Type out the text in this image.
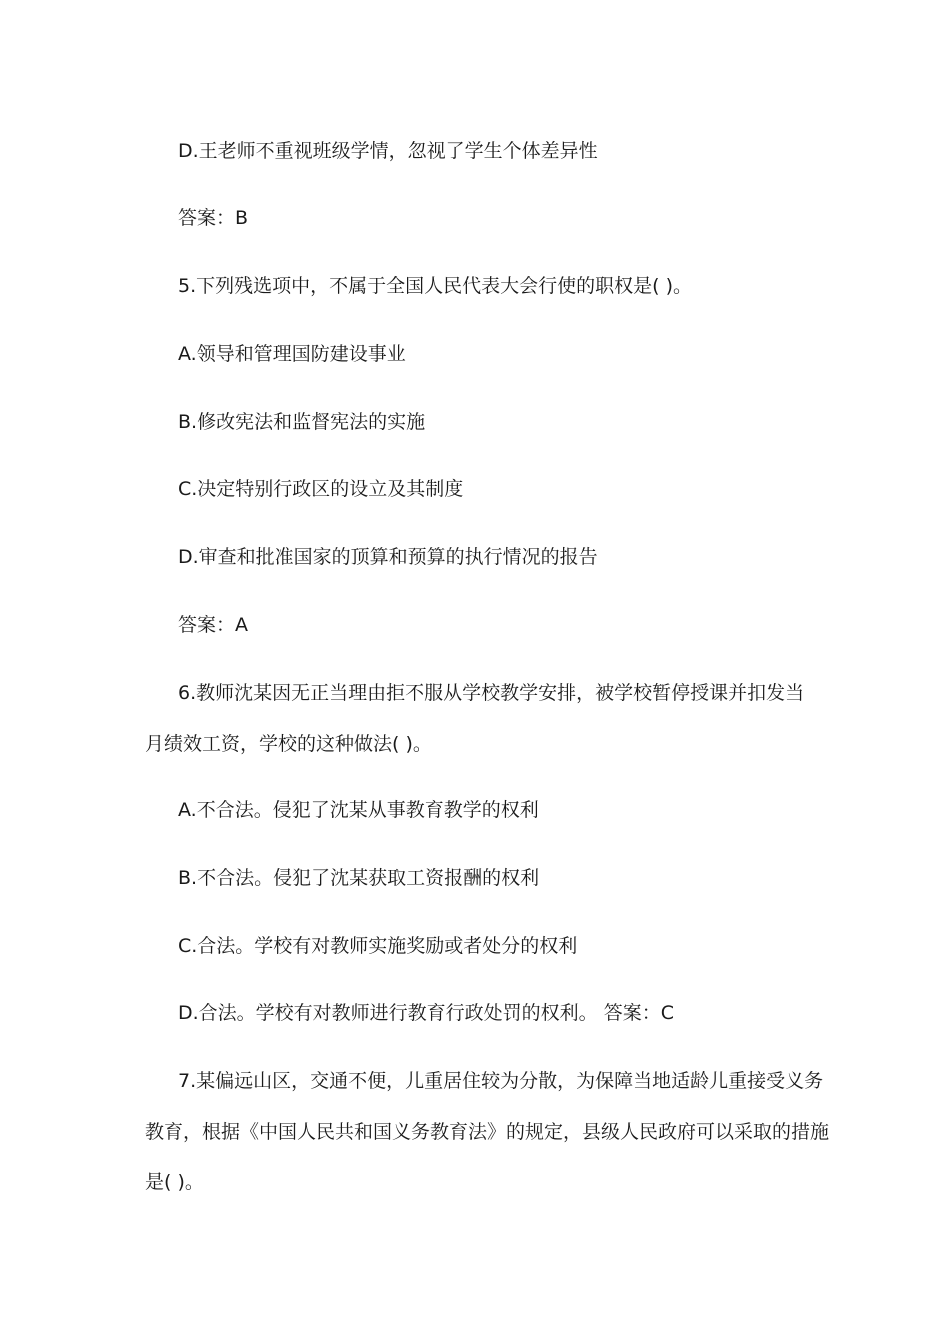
D.王老师不重视班级学情，忽视了学生个体差异性
答案：B
5.下列残选项中，不属于全国人民代表大会行使的职权是( )。
A.领导和管理国防建设事业
B.修改宪法和监督宪法的实施
C.决定特别行政区的设立及其制度
D.审查和批准国家的顶算和预算的执行情况的报告
答案：A
6.教师沈某因无正当理由拒不服从学校教学安排，被学校暂停授课并扣发当
月绩效工资，学校的这种做法( )。
A.不合法。侵犯了沈某从事教育教学的权利
B.不合法。侵犯了沈某获取工资报酬的权利
C.合法。学校有对教师实施奖励或者处分的权利
D.合法。学校有对教师进行教育行政处罚的权利。 答案：C
7.某偏远山区，交通不便，儿重居住较为分散，为保障当地适龄儿重接受义务
教育，根据《中国人民共和国义务教育法》的规定，县级人民政府可以采取的措施
是( )。
